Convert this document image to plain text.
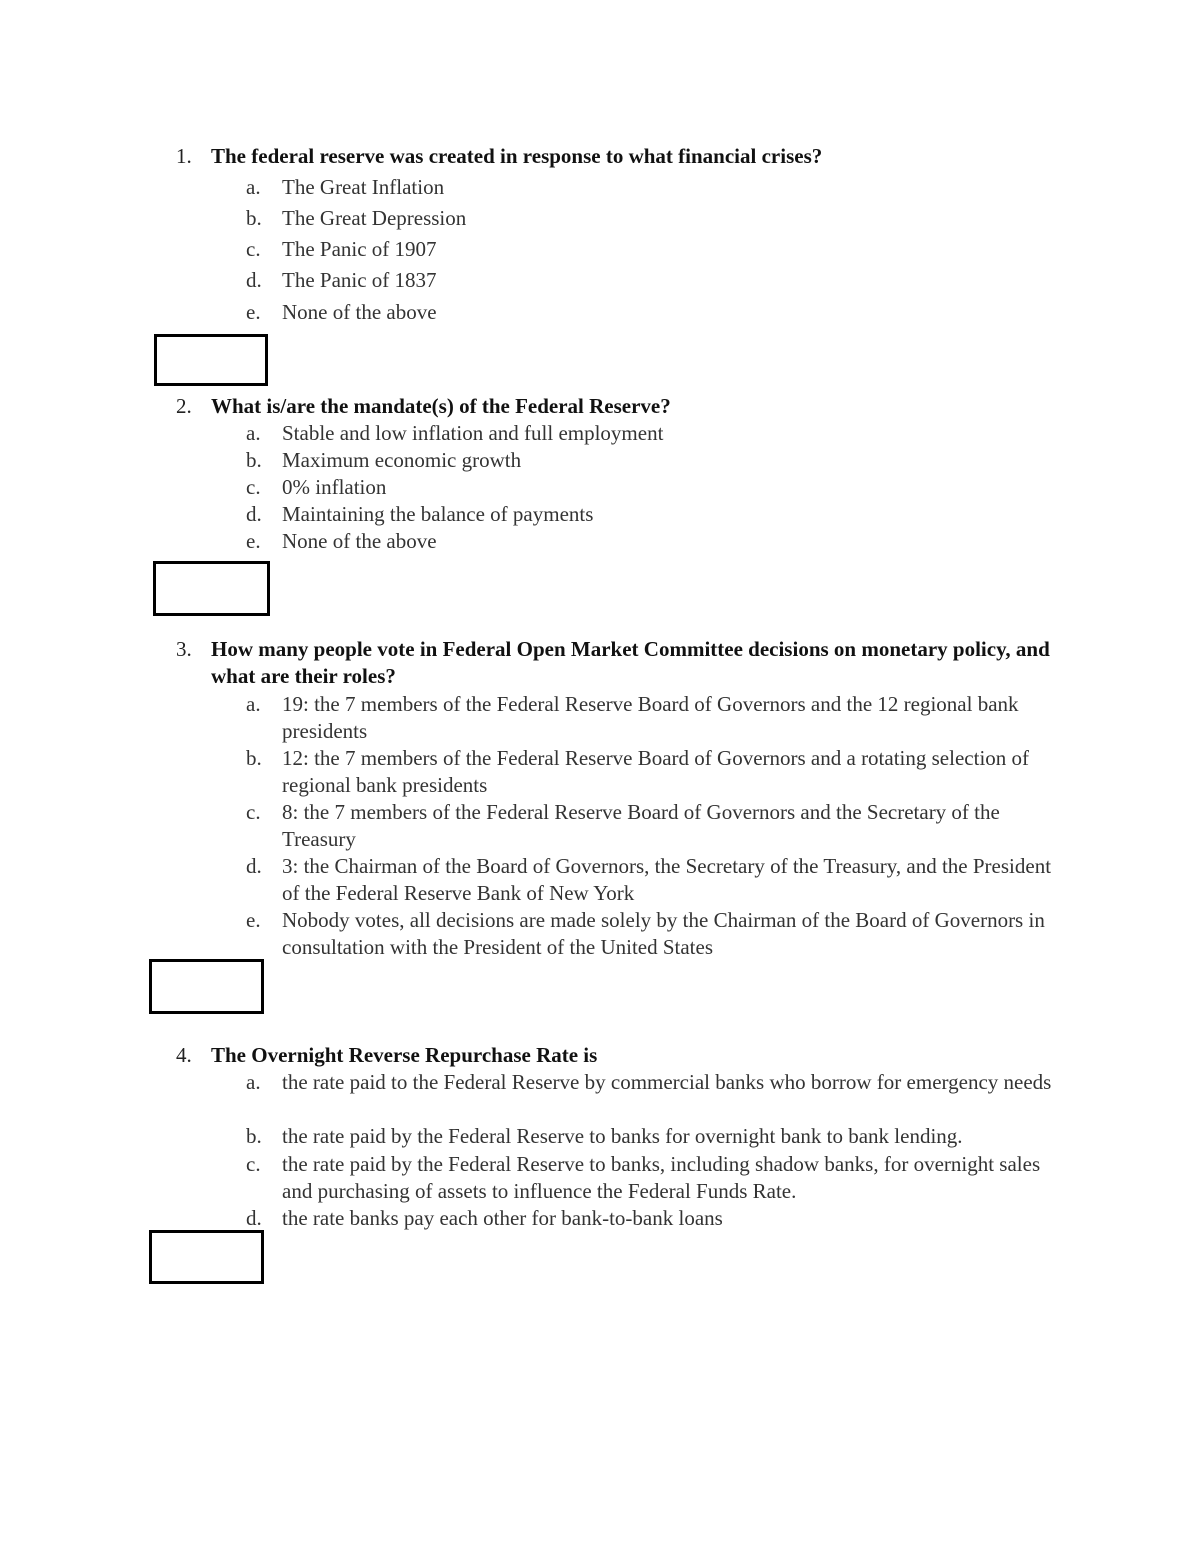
1. The federal reserve was created in response to what financial crises?
a.	The Great Inflation
b. The Great Depression
c.	The Panic of 1907
d. The Panic of 1837
e.	None of the above
2. What is/are the mandate(s) of the Federal Reserve?
a.	Stable and low inflation and full employment
b. Maximum economic growth
c.	0% inflation
d. Maintaining the balance of payments
e.	None of the above
3. How many people vote in Federal Open Market Committee decisions on monetary policy, and what are their roles?
a.	19: the 7 members of the Federal Reserve Board of Governors and the 12 regional bank presidents
b. 12: the 7 members of the Federal Reserve Board of Governors and a rotating selection of regional bank presidents
c.	8: the 7 members of the Federal Reserve Board of Governors and the Secretary of the Treasury
d. 3: the Chairman of the Board of Governors, the Secretary of the Treasury, and the President of the Federal Reserve Bank of New York
e.	Nobody votes, all decisions are made solely by the Chairman of the Board of Governors in consultation with the President of the United States
4. The Overnight Reverse Repurchase Rate is
a.	the rate paid to the Federal Reserve by commercial banks who borrow for emergency needs
b. the rate paid by the Federal Reserve to banks for overnight bank to bank lending.
c.	the rate paid by the Federal Reserve to banks, including shadow banks, for overnight sales and purchasing of assets to influence the Federal Funds Rate.
d. the rate banks pay each other for bank-to-bank loans
